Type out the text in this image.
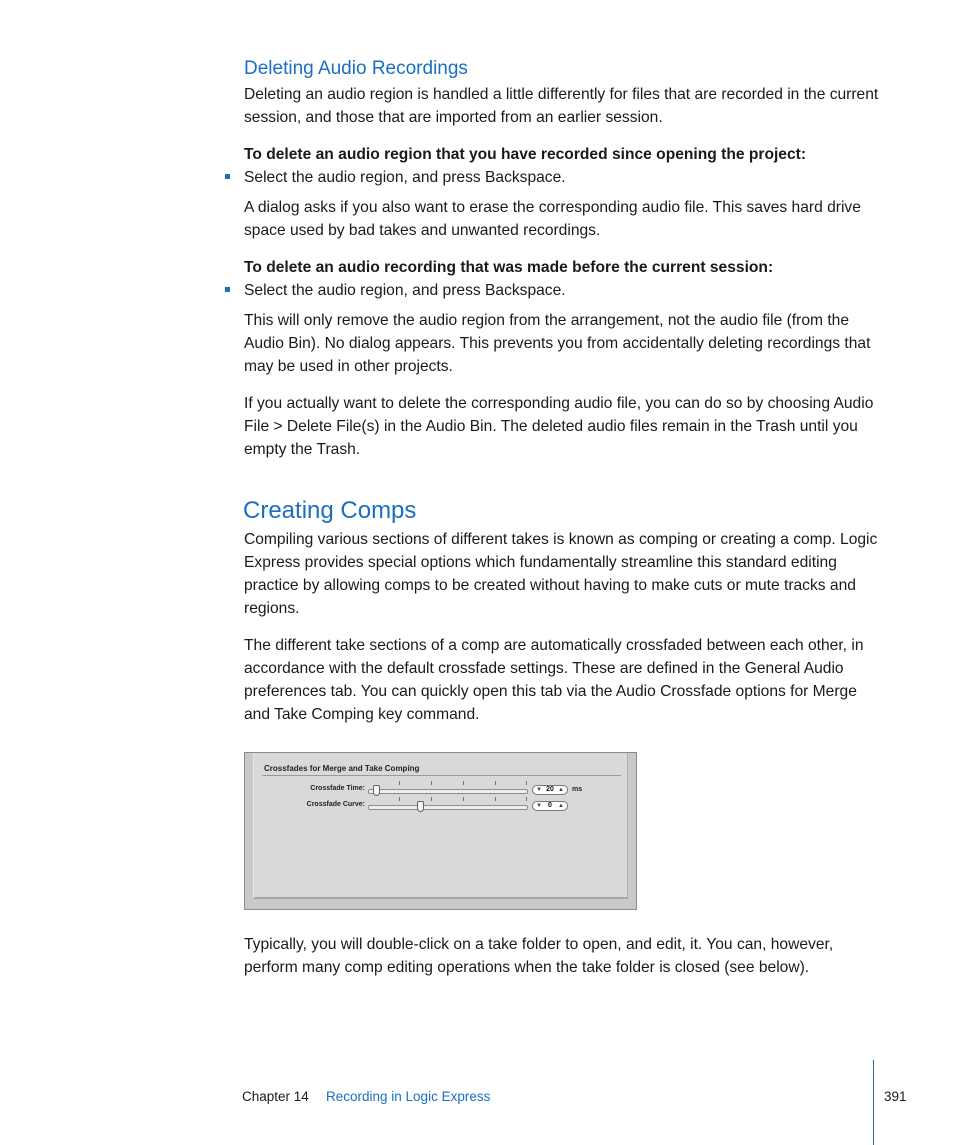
Deleting Audio Recordings
Deleting an audio region is handled a little differently for files that are recorded in the current session, and those that are imported from an earlier session.
To delete an audio region that you have recorded since opening the project:
Select the audio region, and press Backspace.
A dialog asks if you also want to erase the corresponding audio file. This saves hard drive space used by bad takes and unwanted recordings.
To delete an audio recording that was made before the current session:
Select the audio region, and press Backspace.
This will only remove the audio region from the arrangement, not the audio file (from the Audio Bin). No dialog appears. This prevents you from accidentally deleting recordings that may be used in other projects.
If you actually want to delete the corresponding audio file, you can do so by choosing Audio File > Delete File(s) in the Audio Bin. The deleted audio files remain in the Trash until you empty the Trash.
Creating Comps
Compiling various sections of different takes is known as comping or creating a comp. Logic Express provides special options which fundamentally streamline this standard editing practice by allowing comps to be created without having to make cuts or mute tracks and regions.
The different take sections of a comp are automatically crossfaded between each other, in accordance with the default crossfade settings. These are defined in the General Audio preferences tab. You can quickly open this tab via the Audio Crossfade options for Merge and Take Comping key command.
Crossfades for Merge and Take Comping
Crossfade Time:	▼ 20 ▲ ms
Crossfade Curve:	▼ 0 ▲
Typically, you will double-click on a take folder to open, and edit, it. You can, however, perform many comp editing operations when the take folder is closed (see below).
Chapter 14 Recording in Logic Express	391
